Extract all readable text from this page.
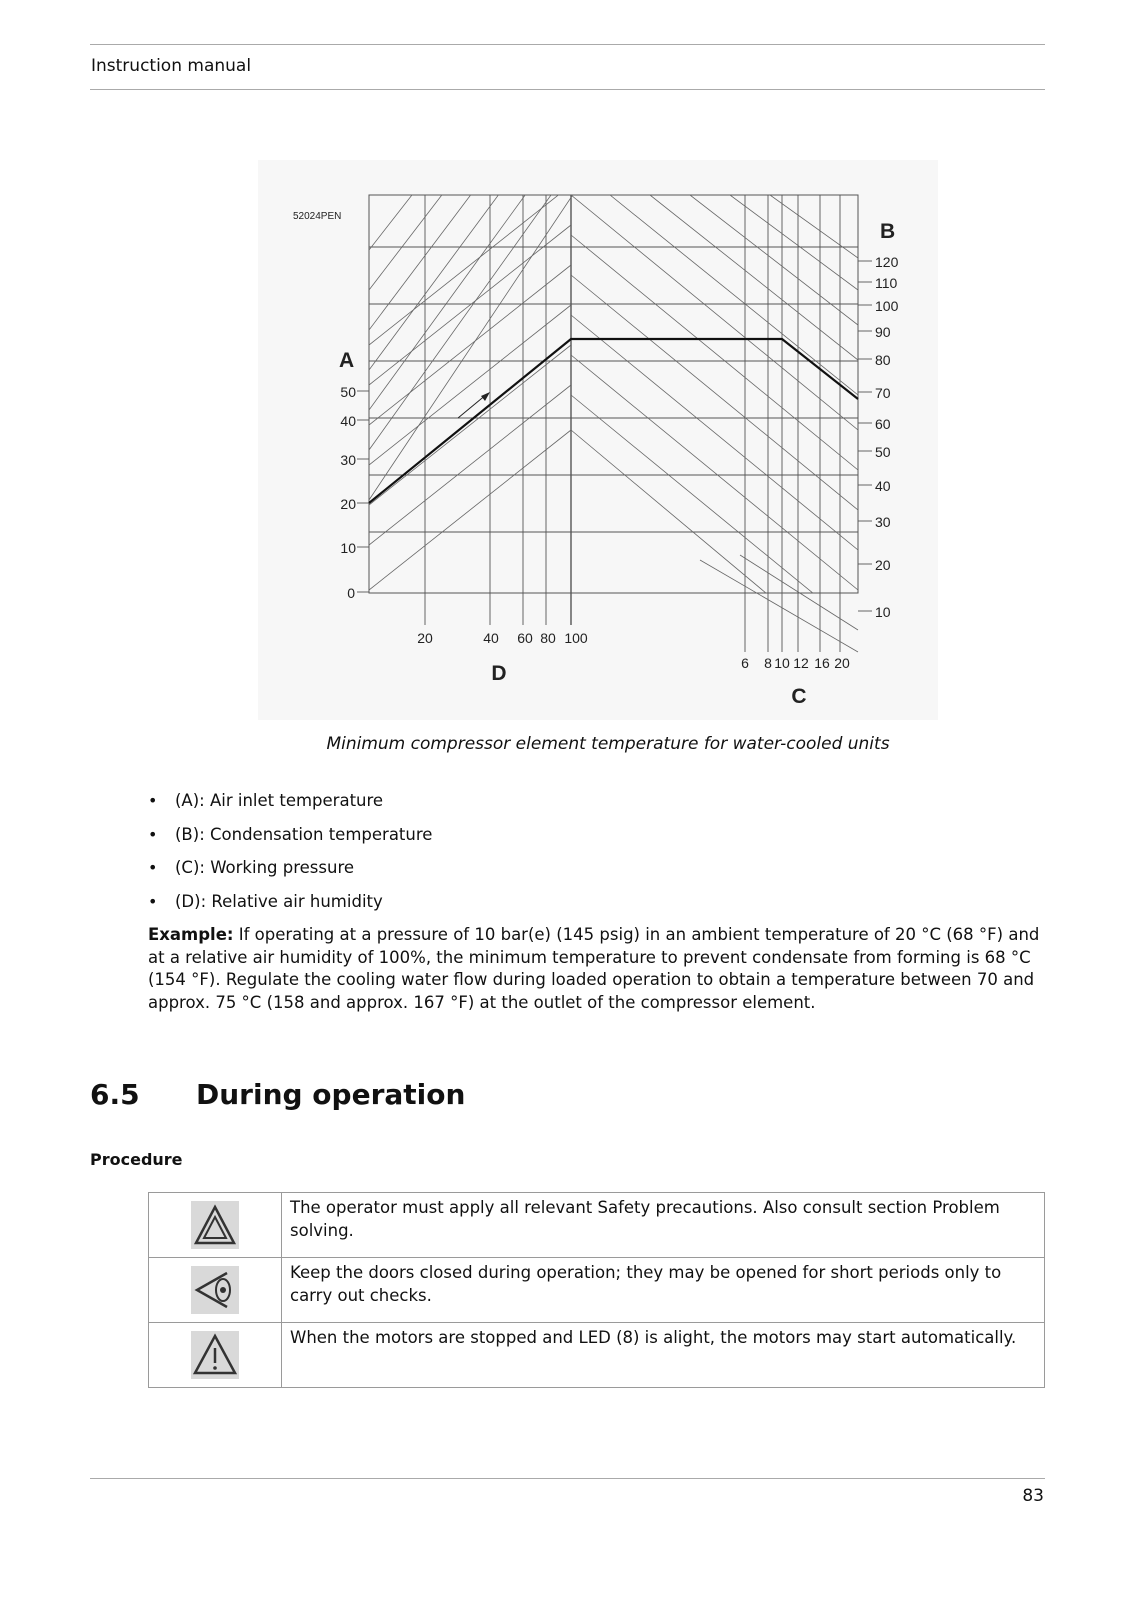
Instruction manual
52024PEN
A
50
40
30
20
10
0
B
120
110
100
90
80
70
60
50
40
30
20
10
20	40 60 80 100
D	6 8 10 12 16 20
C
Minimum compressor element temperature for water-cooled units
• (A): Air inlet temperature
• (B): Condensation temperature
• (C): Working pressure
• (D): Relative air humidity
Example: If operating at a pressure of 10 bar(e) (145 psig) in an ambient temperature of 20 °C (68 °F) and at a relative air humidity of 100%, the minimum temperature to prevent condensate from forming is 68 °C (154 °F). Regulate the cooling water flow during loaded operation to obtain a temperature between 70 and approx. 75 °C (158 and approx. 167 °F) at the outlet of the compressor element.
6.5 During operation
Procedure
	The operator must apply all relevant Safety precautions. Also consult section Problem solving.
	Keep the doors closed during operation; they may be opened for short periods only to carry out checks.
	When the motors are stopped and LED (8) is alight, the motors may start automatically.
83
